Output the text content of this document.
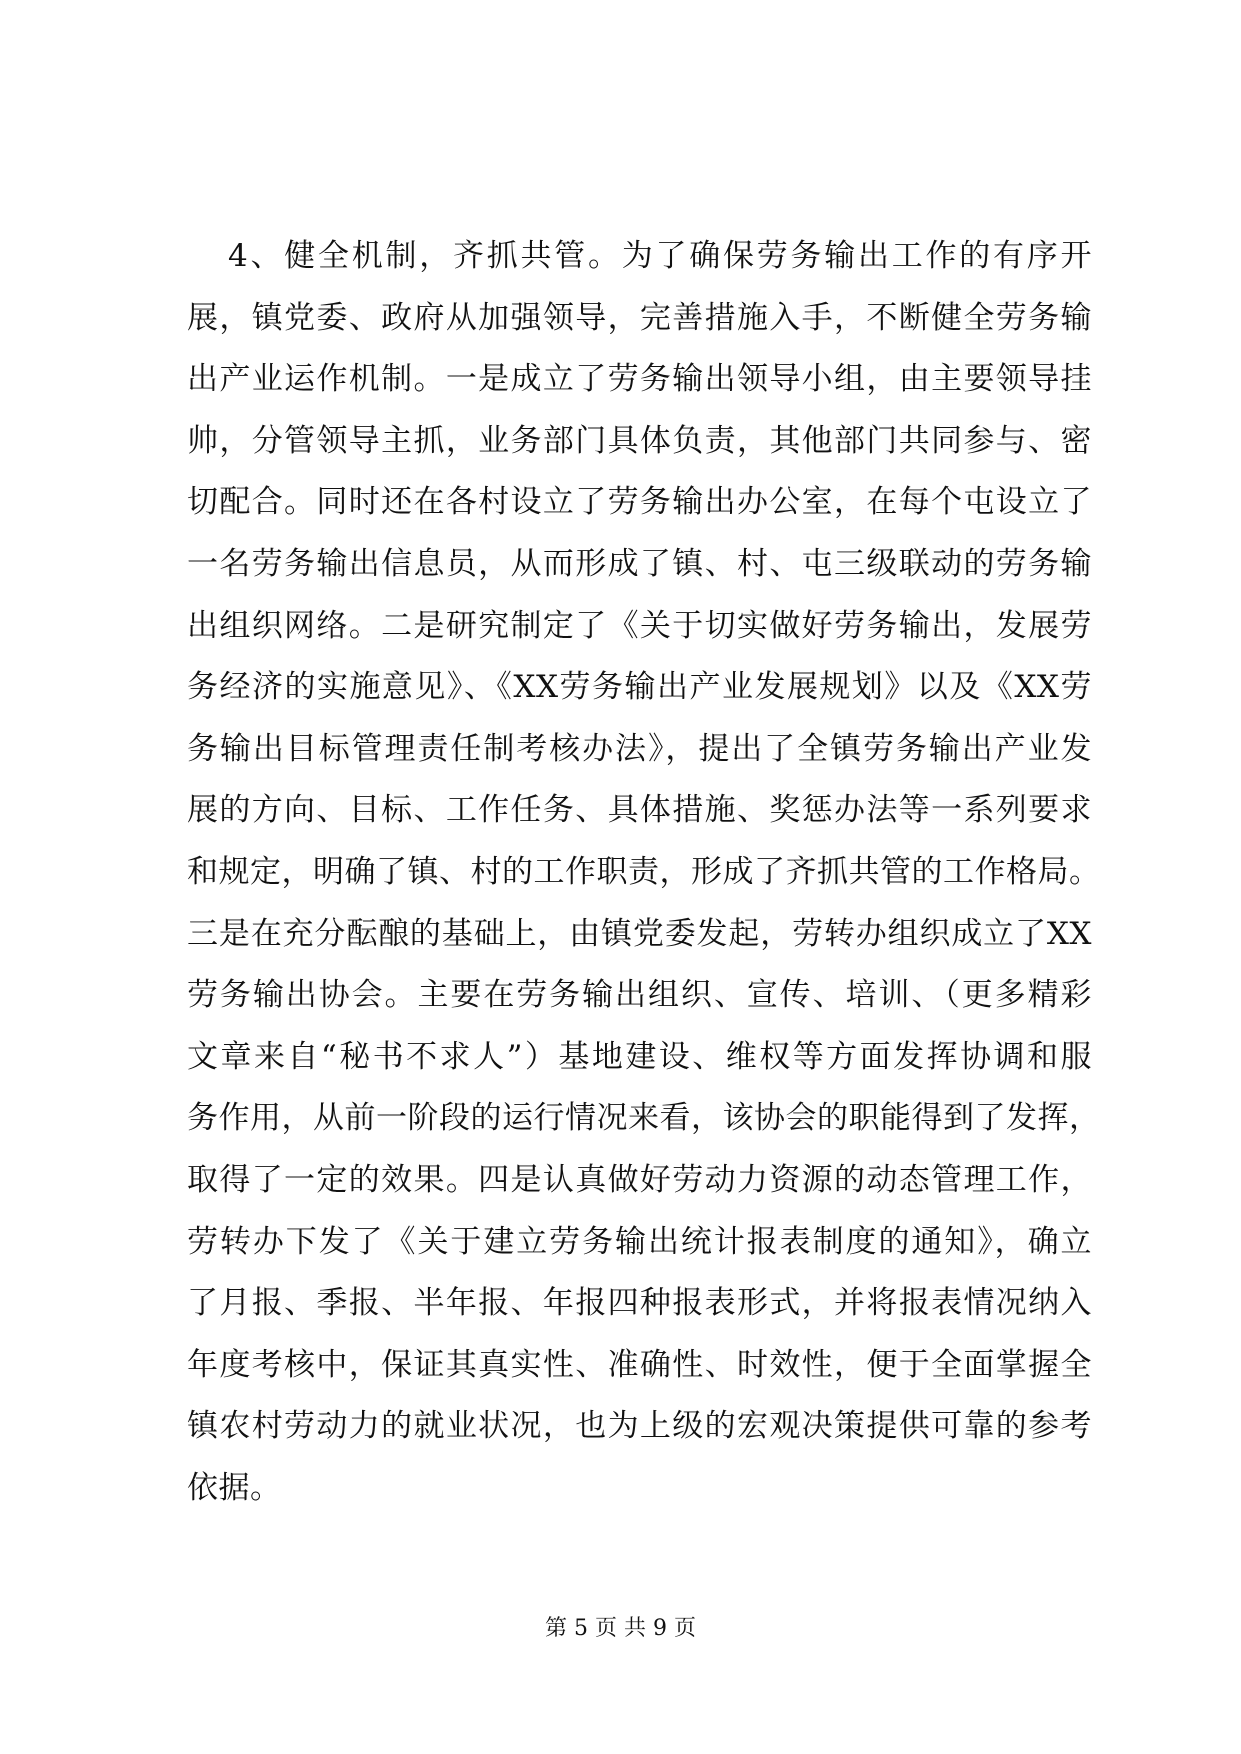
4、健全机制，齐抓共管。为了确保劳务输出工作的有序开
展，镇党委、政府从加强领导，完善措施入手，不断健全劳务输
出产业运作机制。一是成立了劳务输出领导小组，由主要领导挂
帅，分管领导主抓，业务部门具体负责，其他部门共同参与、密
切配合。同时还在各村设立了劳务输出办公室，在每个屯设立了
一名劳务输出信息员，从而形成了镇、村、屯三级联动的劳务输
出组织网络。二是研究制定了《关于切实做好劳务输出，发展劳
务经济的实施意见》、《XX劳务输出产业发展规划》以及《XX劳
务输出目标管理责任制考核办法》，提出了全镇劳务输出产业发
展的方向、目标、工作任务、具体措施、奖惩办法等一系列要求
和规定，明确了镇、村的工作职责，形成了齐抓共管的工作格局。
三是在充分酝酿的基础上，由镇党委发起，劳转办组织成立了XX
劳务输出协会。主要在劳务输出组织、宣传、培训、（更多精彩
文章来自“秘书不求人”）基地建设、维权等方面发挥协调和服
务作用，从前一阶段的运行情况来看，该协会的职能得到了发挥，
取得了一定的效果。四是认真做好劳动力资源的动态管理工作，
劳转办下发了《关于建立劳务输出统计报表制度的通知》，确立
了月报、季报、半年报、年报四种报表形式，并将报表情况纳入
年度考核中，保证其真实性、准确性、时效性，便于全面掌握全
镇农村劳动力的就业状况，也为上级的宏观决策提供可靠的参考
依据。
第 5 页 共 9 页
